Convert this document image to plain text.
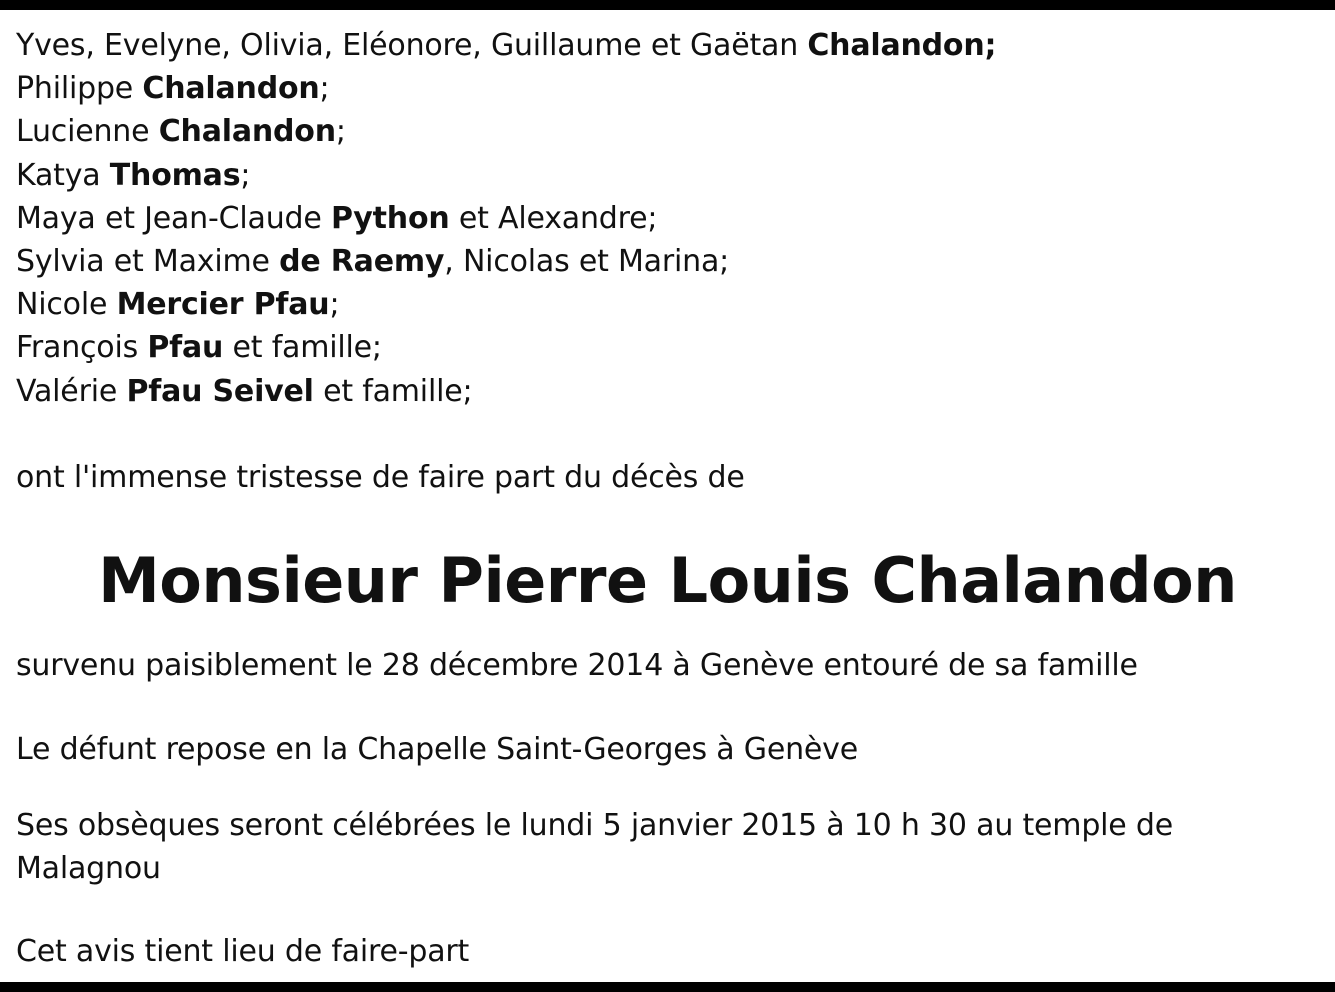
Yves, Evelyne, Olivia, Eléonore, Guillaume et Gaëtan Chalandon;
Philippe Chalandon;
Lucienne Chalandon;
Katya Thomas;
Maya et Jean-Claude Python et Alexandre;
Sylvia et Maxime de Raemy, Nicolas et Marina;
Nicole Mercier Pfau;
François Pfau et famille;
Valérie Pfau Seivel et famille;
ont l'immense tristesse de faire part du décès de
Monsieur Pierre Louis Chalandon
survenu paisiblement le 28 décembre 2014 à Genève entouré de sa famille
Le défunt repose en la Chapelle Saint-Georges à Genève
Ses obsèques seront célébrées le lundi 5 janvier 2015 à 10 h 30 au temple de Malagnou
Cet avis tient lieu de faire-part
